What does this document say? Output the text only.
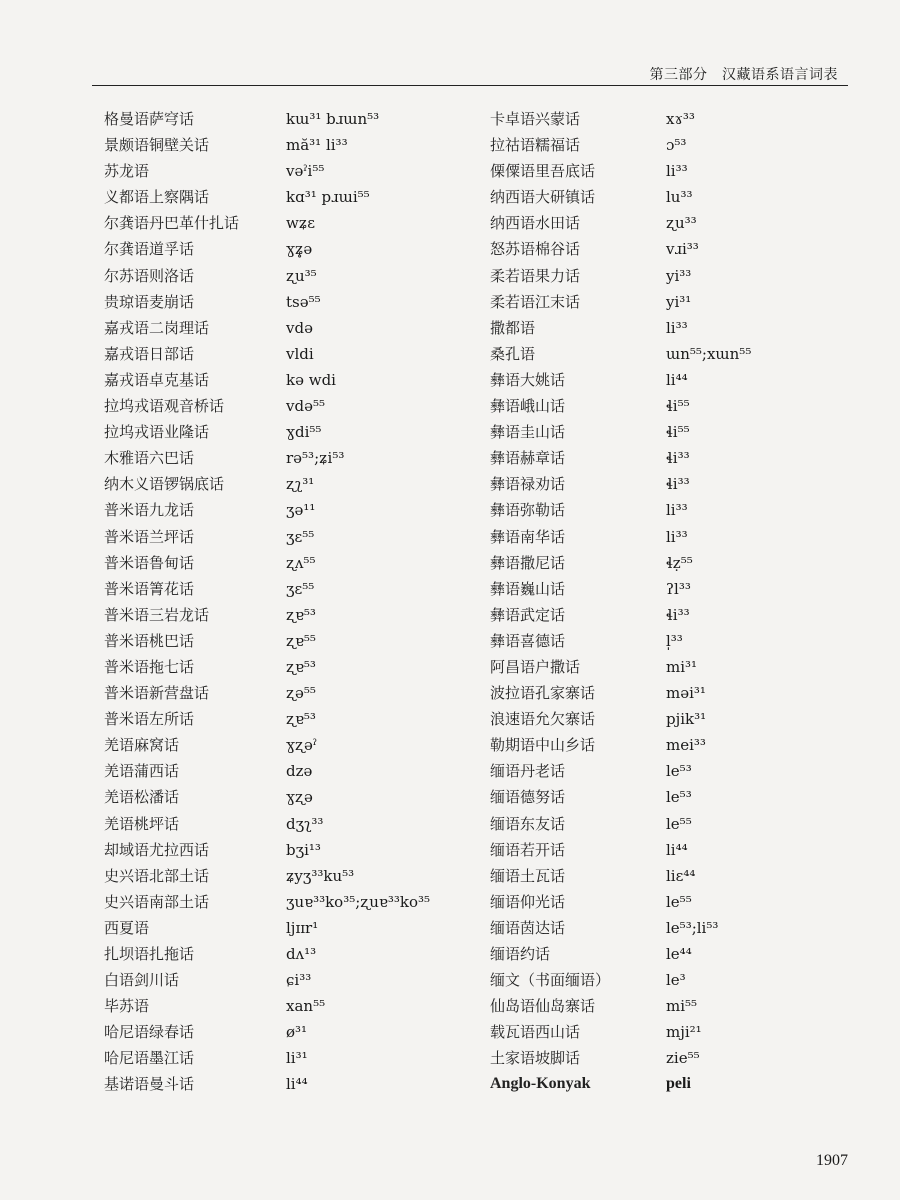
第三部分　汉藏语系语言词表
格曼语萨穹话	kɯ³¹ bɹɯn⁵³
景颇语铜壁关话	mă³¹ li³³
苏龙语	vəˀi⁵⁵
义都语上察隅话	kɑ³¹ pɹɯi⁵⁵
尔龚语丹巴革什扎话	wʑɛ
尔龚语道孚话	ɣʑ̥ə
尔苏语则洛话	ʐu³⁵
贵琼语麦崩话	tsə⁵⁵
嘉戎语二岗理话	vdə
嘉戎语日部话	vldi
嘉戎语卓克基话	kə wdi
拉坞戎语观音桥话	vdə⁵⁵
拉坞戎语业隆话	ɣdi⁵⁵
木雅语六巴话	rə⁵³;ʑi⁵³
纳木义语锣锅底话	ʐʅ³¹
普米语九龙话	ʒə¹¹
普米语兰坪话	ʒɛ⁵⁵
普米语鲁甸话	ʐʌ⁵⁵
普米语箐花话	ʒɛ⁵⁵
普米语三岩龙话	ʐɐ⁵³
普米语桃巴话	ʐɐ⁵⁵
普米语拖七话	ʐɐ⁵³
普米语新营盘话	ʐə⁵⁵
普米语左所话	ʐɐ⁵³
羌语麻窝话	ɣʐəˀ
羌语蒲西话	dzə
羌语松潘话	ɣʐə
羌语桃坪话	dʒʅ³³
却域语尤拉西话	bʒi¹³
史兴语北部土话	ʑyʒ³³ku⁵³
史兴语南部土话	ʒuɐ³³ko³⁵;ʐuɐ³³ko³⁵
西夏语	ljɪɪr¹
扎坝语扎拖话	dʌ¹³
白语剑川话	ɕi³³
毕苏语	xan⁵⁵
哈尼语绿春话	ø³¹
哈尼语墨江话	li³¹
基诺语曼斗话	li⁴⁴
卡卓语兴蒙话	xɤ³³
拉祜语糯福话	ɔ⁵³
傈僳语里吾底话	li³³
纳西语大研镇话	lu³³
纳西语水田话	ʐu³³
怒苏语棉谷话	vɹi³³
柔若语果力话	yi³³
柔若语江末话	yi³¹
撒都语	li³³
桑孔语	ɯn⁵⁵;xɯn⁵⁵
彝语大姚话	li⁴⁴
彝语峨山话	ɬi⁵⁵
彝语圭山话	ɬi⁵⁵
彝语赫章话	ɬi³³
彝语禄劝话	ɬi³³
彝语弥勒话	li³³
彝语南华话	li³³
彝语撒尼话	ɬẓ⁵⁵
彝语巍山话	ʔl³³
彝语武定话	ɬi³³
彝语喜德话	l̩³³
阿昌语户撒话	mi³¹
波拉语孔家寨话	məi³¹
浪速语允欠寨话	pjik³¹
勒期语中山乡话	mei³³
缅语丹老话	le⁵³
缅语德努话	le⁵³
缅语东友话	le⁵⁵
缅语若开话	li⁴⁴
缅语土瓦话	liɛ⁴⁴
缅语仰光话	le⁵⁵
缅语茵达话	le⁵³;li⁵³
缅语约话	le⁴⁴
缅文（书面缅语）	le³
仙岛语仙岛寨话	mi⁵⁵
载瓦语西山话	mji²¹
土家语坡脚话	zie⁵⁵
Anglo-Konyak	peli
1907
